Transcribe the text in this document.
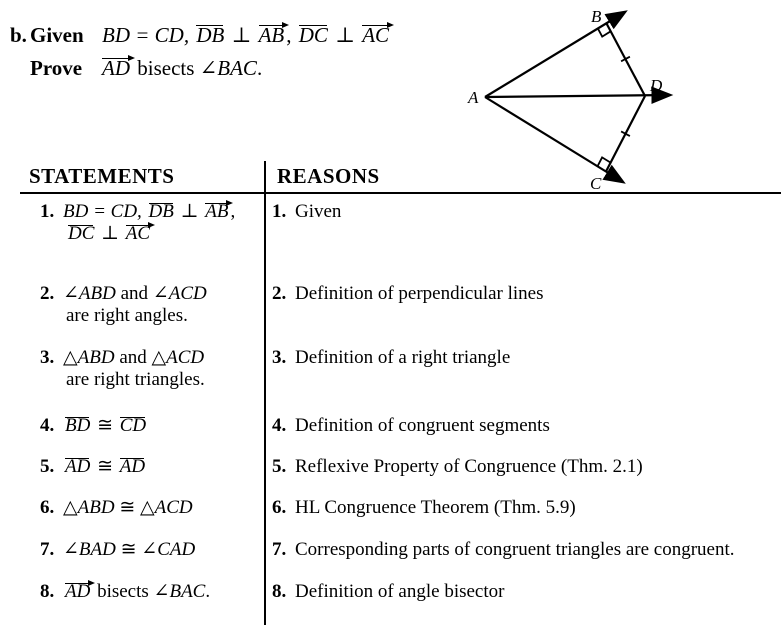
b. Given BD = CD, DB ⊥ AB, DC ⊥ AC
Prove AD bisects ∠BAC.
A
B
C
D
STATEMENTS	REASONS
1. BD = CD, DB ⊥ AB ,
DC ⊥ AC
1. Given
2. ∠ABD and ∠ACD
are right angles.
2. Definition of perpendicular lines
3. △ABD and △ACD
are right triangles.
3. Definition of a right triangle
4. BD ≅ CD	4. Definition of congruent segments
5. AD ≅ AD	5. Reflexive Property of Congruence (Thm. 2.1)
6. △ABD ≅ △ACD	6. HL Congruence Theorem (Thm. 5.9)
7. ∠BAD ≅ ∠CAD	7. Corresponding parts of congruent triangles are congruent.
8. AD bisects ∠BAC.	8. Definition of angle bisector
